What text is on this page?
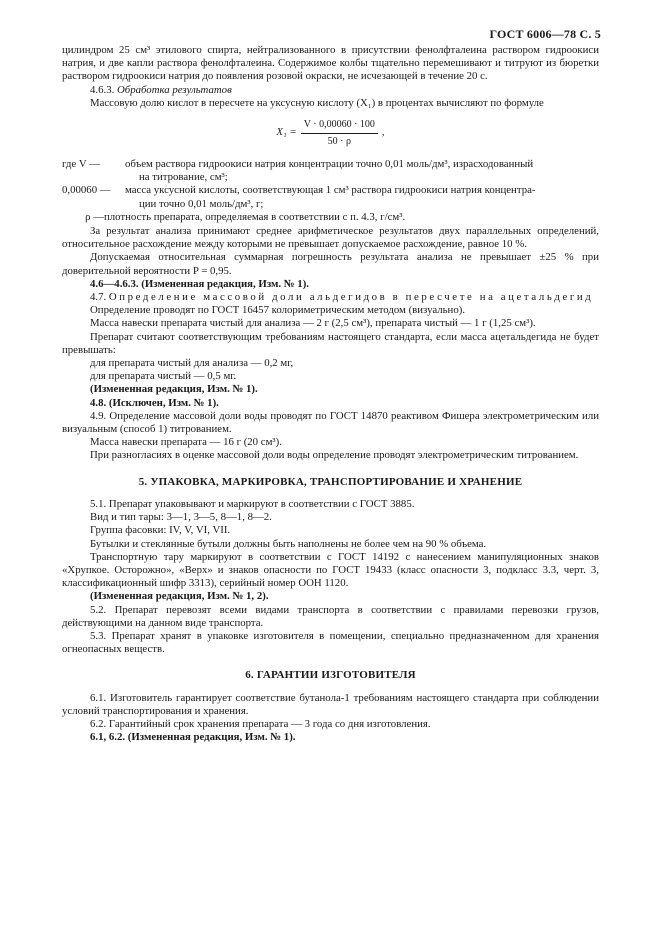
ГОСТ 6006—78 С. 5

цилиндром 25 см³ этилового спирта, нейтрализованного в присутствии фенолфталеина раствором гидроокиси натрия, и две капли раствора фенолфталеина. Содержимое колбы тщательно перемешивают и титруют из бюретки раствором гидроокиси натрия до появления розовой окраски, не исчезающей в течение 20 с.

4.6.3. Обработка результатов

Массовую долю кислот в пересчете на уксусную кислоту (X₁) в процентах вычисляют по формуле

$X_1 = \frac{V \cdot 0,00060 \cdot 100}{50 \cdot \rho}$ ,
где V —	объем раствора гидроокиси натрия концентрации точно 0,01 моль/дм³, израсходованный
на титрование, см³;
0,00060 —	масса уксусной кислоты, соответствующая 1 см³ раствора гидроокиси натрия концентра-
ции точно 0,01 моль/дм³, г;
ρ — плотность препарата, определяемая в соответствии с п. 4.3, г/см³.

За результат анализа принимают среднее арифметическое результатов двух параллельных определений, относительное расхождение между которыми не превышает допускаемое расхождение, равное 10 %.

Допускаемая относительная суммарная погрешность результата анализа не превышает ±25 % при доверительной вероятности P = 0,95.

4.6—4.6.3. (Измененная редакция, Изм. № 1).

4.7. Определение массовой доли альдегидов в пересчете на ацетальдегид

Определение проводят по ГОСТ 16457 колориметрическим методом (визуально).

Масса навески препарата чистый для анализа — 2 г (2,5 см³), препарата чистый — 1 г (1,25 см³).

Препарат считают соответствующим требованиям настоящего стандарта, если масса ацетальдегида не будет превышать:

для препарата чистый для анализа — 0,2 мг,

для препарата чистый — 0,5 мг.

(Измененная редакция, Изм. № 1).

4.8. (Исключен, Изм. № 1).

4.9. Определение массовой доли воды проводят по ГОСТ 14870 реактивом Фишера электрометрическим или визуальным (способ 1) титрованием.

Масса навески препарата — 16 г (20 см³).

При разногласиях в оценке массовой доли воды определение проводят электрометрическим титрованием.

5. УПАКОВКА, МАРКИРОВКА, ТРАНСПОРТИРОВАНИЕ И ХРАНЕНИЕ

5.1. Препарат упаковывают и маркируют в соответствии с ГОСТ 3885.

Вид и тип тары: 3—1, 3—5, 8—1, 8—2.

Группа фасовки: IV, V, VI, VII.

Бутылки и стеклянные бутыли должны быть наполнены не более чем на 90 % объема.

Транспортную тару маркируют в соответствии с ГОСТ 14192 с нанесением манипуляционных знаков «Хрупкое. Осторожно», «Верх» и знаков опасности по ГОСТ 19433 (класс опасности 3, подкласс 3.3, черт. 3, классификационный шифр 3313), серийный номер ООН 1120.

(Измененная редакция, Изм. № 1, 2).

5.2. Препарат перевозят всеми видами транспорта в соответствии с правилами перевозки грузов, действующими на данном виде транспорта.

5.3. Препарат хранят в упаковке изготовителя в помещении, специально предназначенном для хранения огнеопасных веществ.

6. ГАРАНТИИ ИЗГОТОВИТЕЛЯ

6.1. Изготовитель гарантирует соответствие бутанола-1 требованиям настоящего стандарта при соблюдении условий транспортирования и хранения.

6.2. Гарантийный срок хранения препарата — 3 года со дня изготовления.

6.1, 6.2. (Измененная редакция, Изм. № 1).
